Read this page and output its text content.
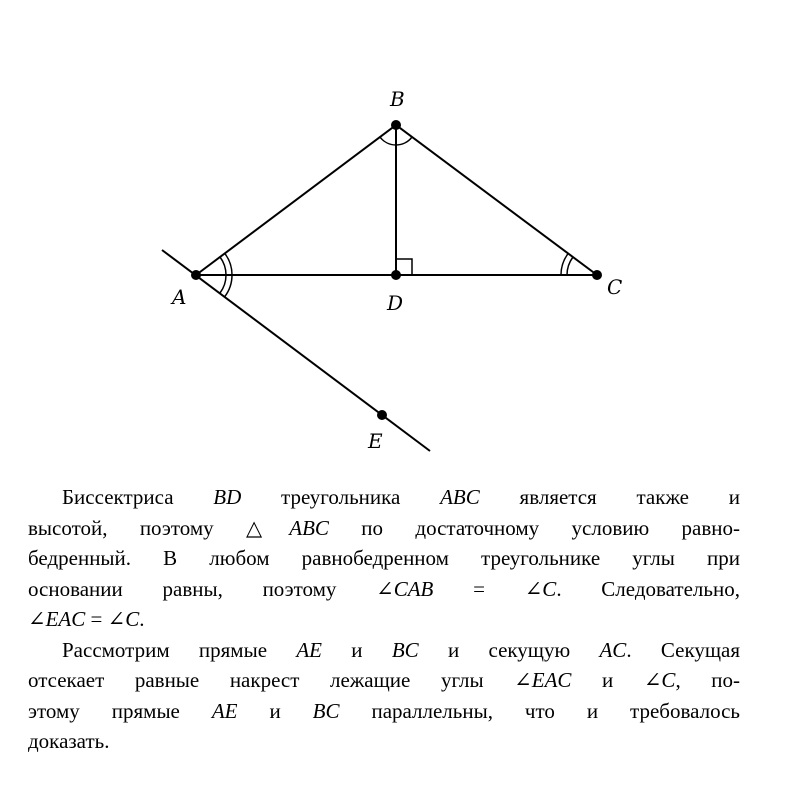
B
A	D
C
E
Биссектриса BD треугольника ABC является также и
высотой, поэтому △ABC по достаточному условию равно-
бедренный. В любом равнобедренном треугольнике углы при
основании равны, поэтому ∠CAB = ∠C. Следовательно,
∠EAC = ∠C.
Рассмотрим прямые AE и BC и секущую AC. Секущая
отсекает равные накрест лежащие углы ∠EAC и ∠C, по-
этому прямые AE и BC параллельны, что и требовалось
доказать.
